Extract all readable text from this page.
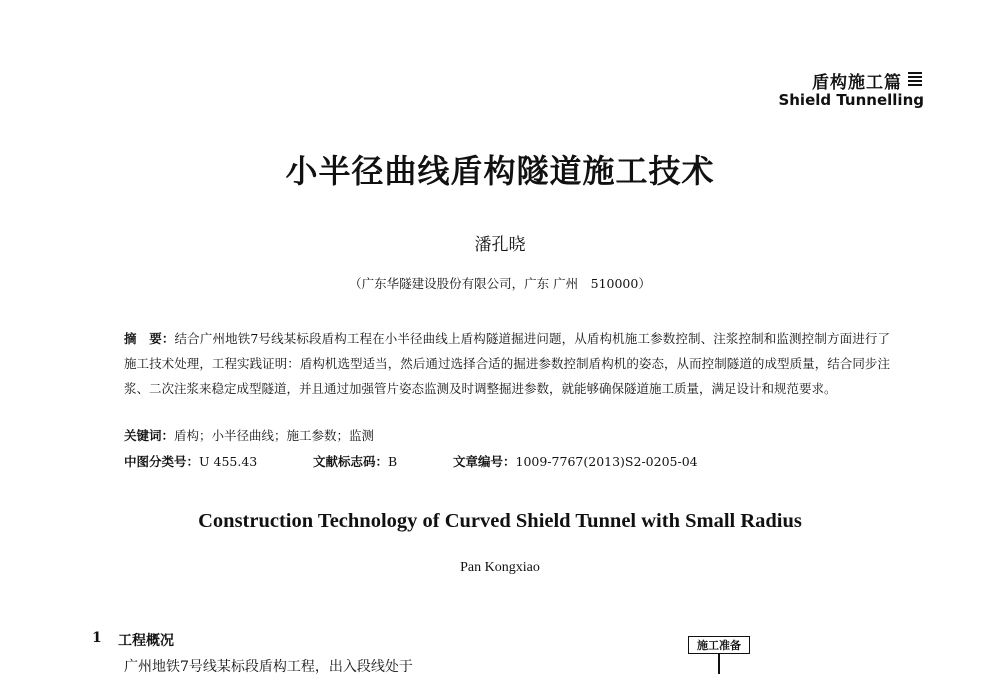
盾构施工篇
Shield Tunnelling
小半径曲线盾构隧道施工技术
潘孔晓
（广东华隧建设股份有限公司，广东 广州　510000）
摘　要：结合广州地铁7号线某标段盾构工程在小半径曲线上盾构隧道掘进问题，从盾构机施工参数控制、注浆控制和监测控制方面进行了施工技术处理，工程实践证明：盾构机选型适当，然后通过选择合适的掘进参数控制盾构机的姿态，从而控制隧道的成型质量，结合同步注浆、二次注浆来稳定成型隧道，并且通过加强管片姿态监测及时调整掘进参数，就能够确保隧道施工质量，满足设计和规范要求。
关键词：盾构；小半径曲线；施工参数；监测
中图分类号：U 455.43	文献标志码：B	文章编号：1009-7767(2013)S2-0205-04
Construction Technology of Curved Shield Tunnel with Small Radius
Pan Kongxiao
1 工程概况
广州地铁7号线某标段盾构工程，出入段线处于
施工准备
